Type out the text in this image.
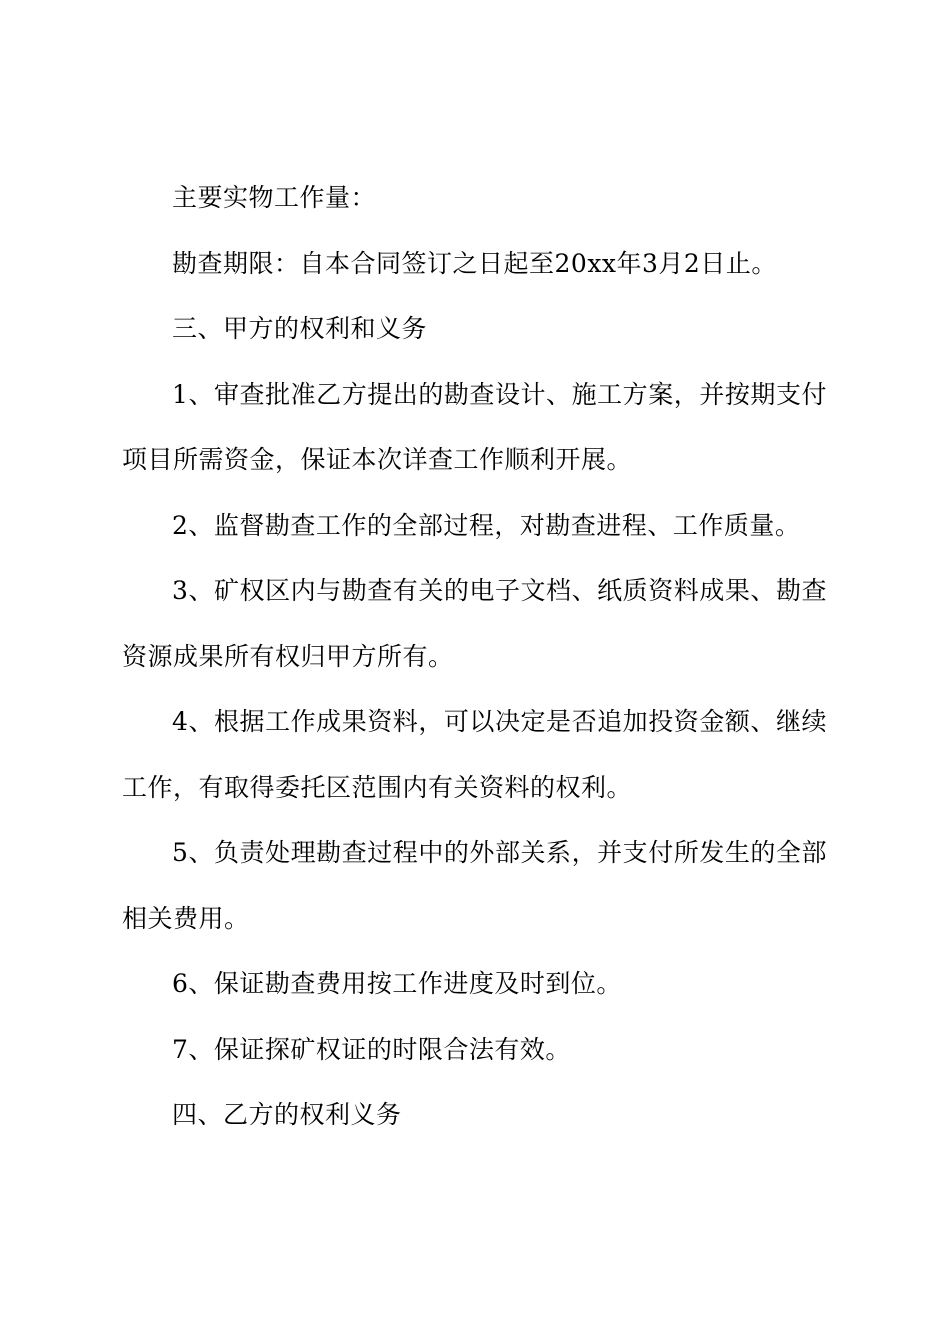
主要实物工作量：

勘查期限：自本合同签订之日起至20xx年3月2日止。

三、甲方的权利和义务

1、审查批准乙方提出的勘查设计、施工方案，并按期支付项目所需资金，保证本次详查工作顺利开展。

2、监督勘查工作的全部过程，对勘查进程、工作质量。

3、矿权区内与勘查有关的电子文档、纸质资料成果、勘查资源成果所有权归甲方所有。

4、根据工作成果资料，可以决定是否追加投资金额、继续工作，有取得委托区范围内有关资料的权利。

5、负责处理勘查过程中的外部关系，并支付所发生的全部相关费用。

6、保证勘查费用按工作进度及时到位。

7、保证探矿权证的时限合法有效。

四、乙方的权利义务
